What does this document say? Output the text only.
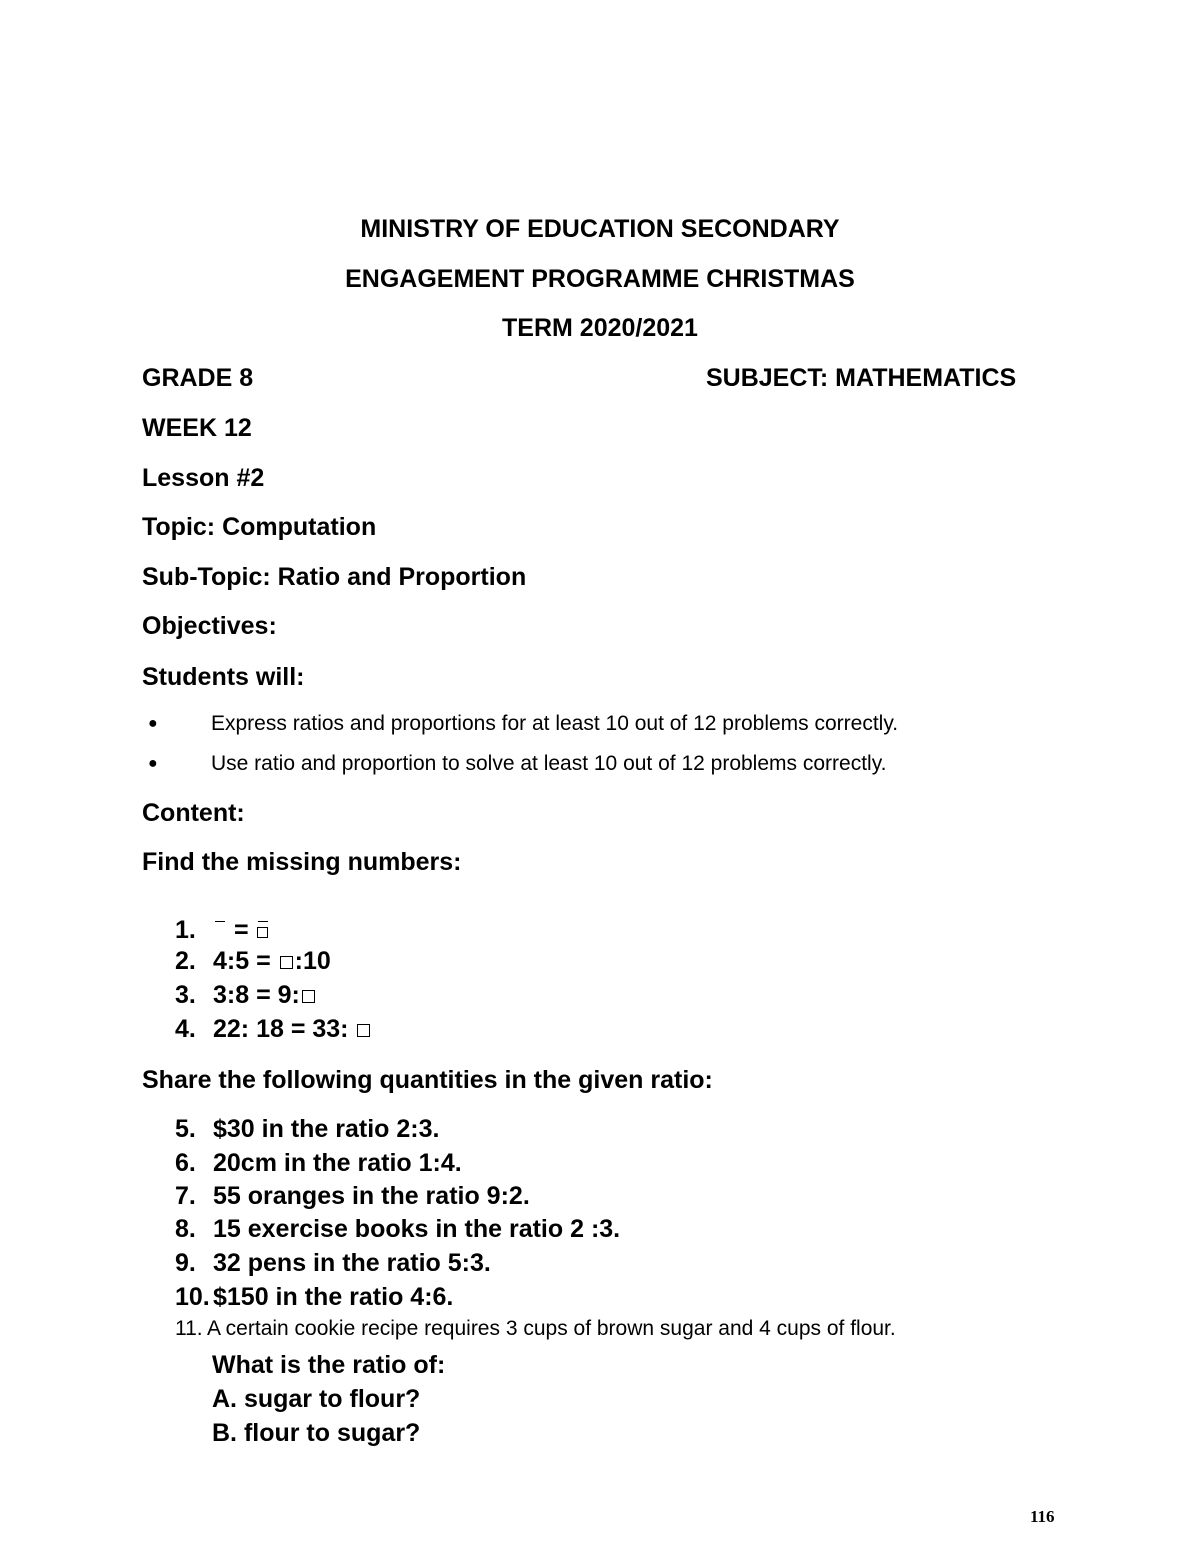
MINISTRY OF EDUCATION SECONDARY
ENGAGEMENT PROGRAMME CHRISTMAS
TERM 2020/2021
GRADE 8	SUBJECT: MATHEMATICS
WEEK 12
Lesson #2
Topic: Computation
Sub-Topic: Ratio and Proportion
Objectives:
Students will:
●	Express ratios and proportions for at least 10 out of 12 problems correctly.
●	Use ratio and proportion to solve at least 10 out of 12 problems correctly.
Content:
Find the missing numbers:
1.
=
2. 4:5 = :10
3. 3:8 = 9:
4. 22: 18 = 33:
Share the following quantities in the given ratio:
5. $30 in the ratio 2:3.
6. 20cm in the ratio 1:4.
7. 55 oranges in the ratio 9:2.
8. 15 exercise books in the ratio 2 :3.
9. 32 pens in the ratio 5:3.
10. $150 in the ratio 4:6.
11. A certain cookie recipe requires 3 cups of brown sugar and 4 cups of flour.
What is the ratio of:
A. sugar to flour?
B. flour to sugar?
116
